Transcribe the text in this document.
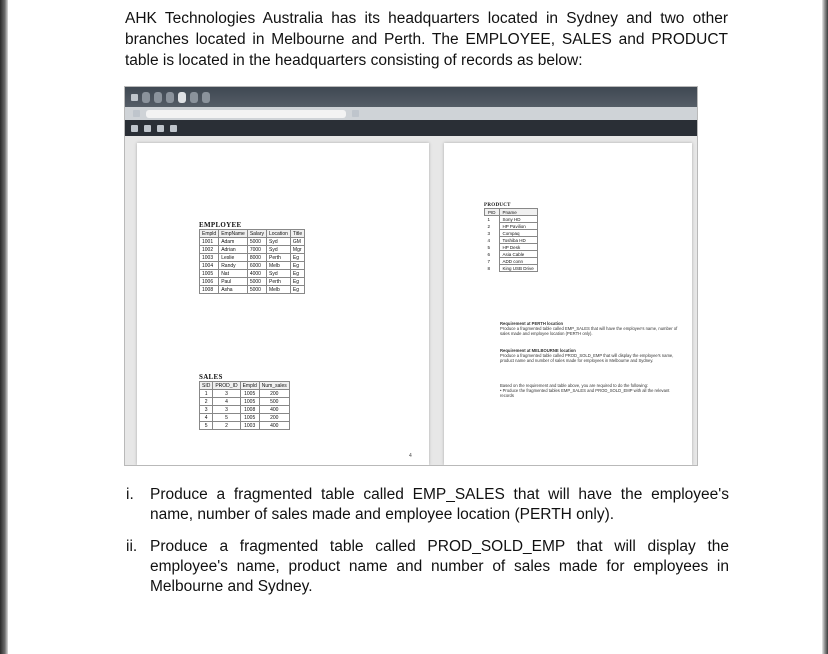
AHK Technologies Australia has its headquarters located in Sydney and two other branches located in Melbourne and Perth. The EMPLOYEE, SALES and PRODUCT table is located in the headquarters consisting of records as below:

EMPLOYEE
Empld	EmpName	Salary	Location	Title
1001	Adam	5000	Syd	GM
1002	Adrian	7000	Syd	Mgr
1003	Leslie	8000	Perth	Eg
1004	Randy	6000	Melb	Eg
1005	Nat	4000	Syd	Eg
1006	Paul	5000	Perth	Eg
1008	Asha	5000	Melb	Eg
SALES
SID	PROD_ID	Empld	Num_sales
1	3	1005	200
2	4	1005	500
3	3	1008	400
4	5	1005	200
5	2	1003	400
4
PRODUCT
PID	Pname
1	Sony HD
2	HP Pavilion
3	Compaq
4	Toshiba HD
5	HP Desk
6	Asia Cable
7	ADD conn
8	King USB Drive
Requirement at PERTH location
Produce a fragmented table called EMP_SALES that will have the employee's name, number of sales made and employee location (PERTH only).
Requirement at MELBOURNE location
Produce a fragmented table called PROD_SOLD_EMP that will display the employee's name, product name and number of sales made for employees in Melbourne and Sydney.
Based on the requirement and table above, you are required to do the following:
• Produce the fragmented tables EMP_SALES and PROD_SOLD_EMP with all the relevant records
i.	Produce a fragmented table called EMP_SALES that will have the employee's name, number of sales made and employee location (PERTH only).
ii. Produce a fragmented table called PROD_SOLD_EMP that will display the employee's name, product name and number of sales made for employees in Melbourne and Sydney.
